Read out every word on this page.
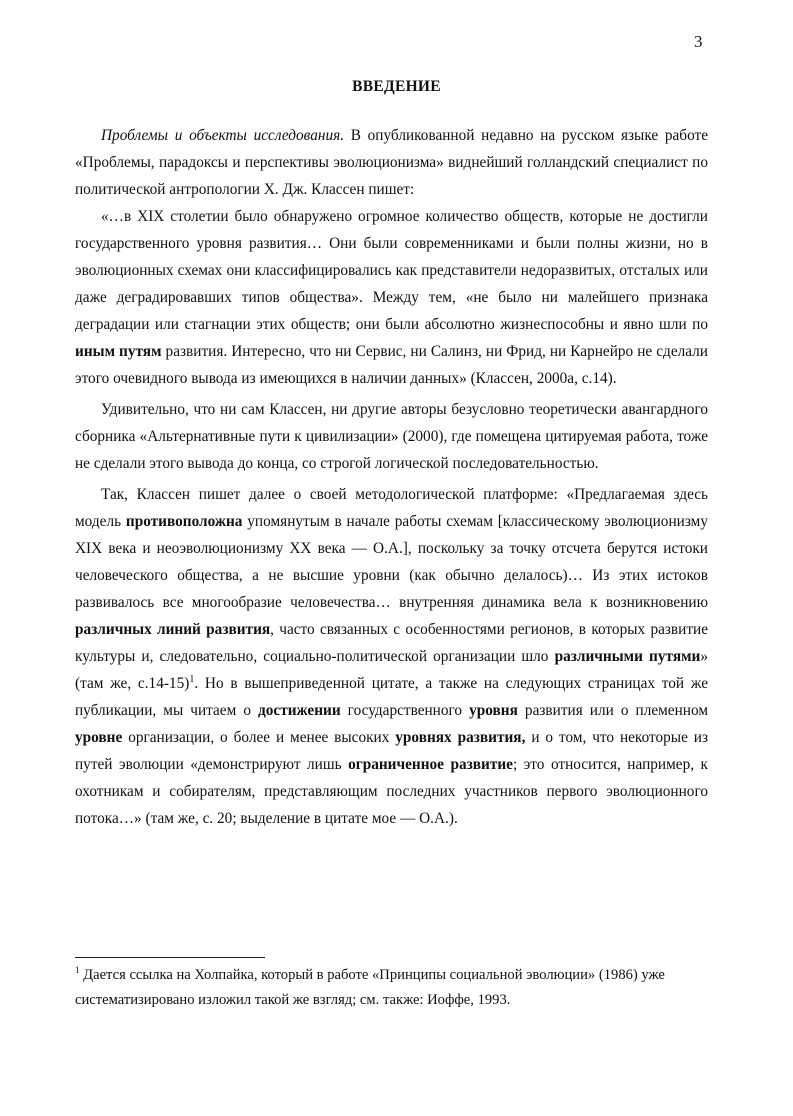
3
ВВЕДЕНИЕ

Проблемы и объекты исследования. В опубликованной недавно на русском языке работе «Проблемы, парадоксы и перспективы эволюционизма» виднейший голландский специалист по политической антропологии Х. Дж. Классен пишет:

«…в XIX столетии было обнаружено огромное количество обществ, которые не достигли государственного уровня развития… Они были современниками и были полны жизни, но в эволюционных схемах они классифицировались как представители недоразвитых, отсталых или даже деградировавших типов общества». Между тем, «не было ни малейшего признака деградации или стагнации этих обществ; они были абсолютно жизнеспособны и явно шли по иным путям развития. Интересно, что ни Сервис, ни Салинз, ни Фрид, ни Карнейро не сделали этого очевидного вывода из имеющихся в наличии данных» (Классен, 2000а, с.14).

Удивительно, что ни сам Классен, ни другие авторы безусловно теоретически авангардного сборника «Альтернативные пути к цивилизации» (2000), где помещена цитируемая работа, тоже не сделали этого вывода до конца, со строгой логической последовательностью.

Так, Классен пишет далее о своей методологической платформе: «Предлагаемая здесь модель противоположна упомянутым в начале работы схемам [классическому эволюционизму XIX века и неоэволюционизму XX века — О.А.], поскольку за точку отсчета берутся истоки человеческого общества, а не высшие уровни (как обычно делалось)… Из этих истоков развивалось все многообразие человечества… внутренняя динамика вела к возникновению различных линий развития, часто связанных с особенностями регионов, в которых развитие культуры и, следовательно, социально-политической организации шло различными путями» (там же, с.14-15)$^1$. Но в вышеприведенной цитате, а также на следующих страницах той же публикации, мы читаем о достижении государственного уровня развития или о племенном уровне организации, о более и менее высоких уровнях развития, и о том, что некоторые из путей эволюции «демонстрируют лишь ограниченное развитие; это относится, например, к охотникам и собирателям, представляющим последних участников первого эволюционного потока…» (там же, с. 20; выделение в цитате мое — О.А.).

$^1$ Дается ссылка на Холпайка, который в работе «Принципы социальной эволюции» (1986) уже систематизировано изложил такой же взгляд; см. также: Иоффе, 1993.
